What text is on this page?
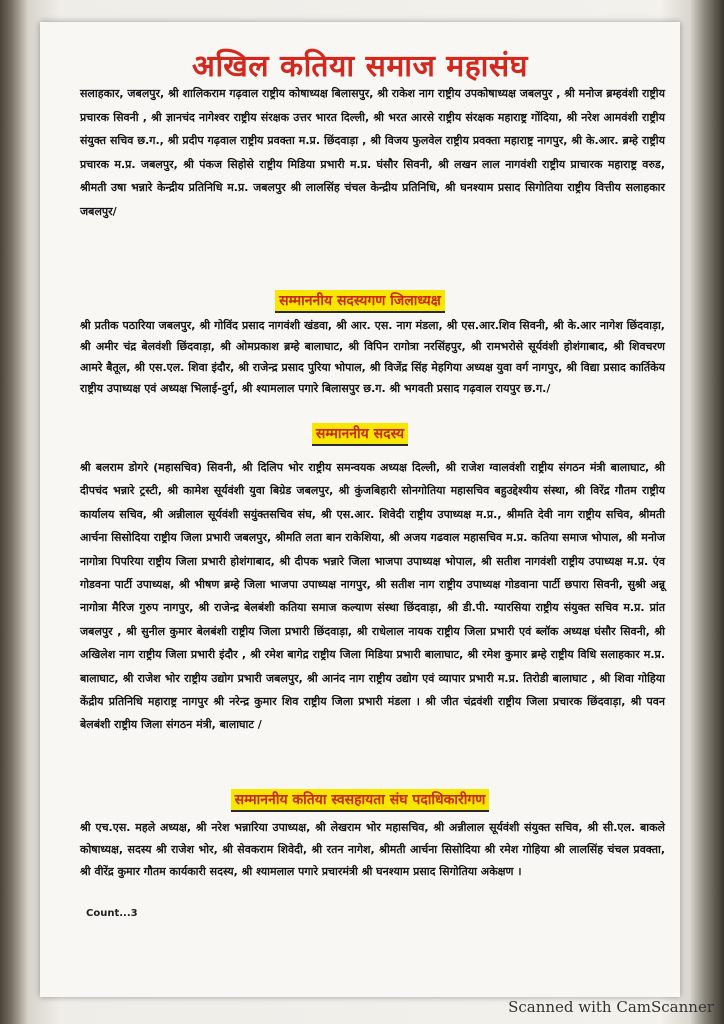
अखिल कतिया समाज महासंघ

सलाहकार, जबलपुर, श्री शालिकराम गढ़वाल राष्ट्रीय कोषाध्यक्ष बिलासपुर, श्री राकेश नाग राष्ट्रीय उपकोषाध्यक्ष जबलपुर , श्री मनोज ब्रम्हवंशी राष्ट्रीय प्रचारक सिवनी , श्री ज्ञानचंद नागेश्वर राष्ट्रीय संरक्षक उत्तर भारत दिल्ली, श्री भरत आरसे राष्ट्रीय संरक्षक महाराष्ट्र गोंदिया, श्री नरेश आमवंशी राष्ट्रीय संयुक्त सचिव छ.ग., श्री प्रदीप गढ़वाल राष्ट्रीय प्रवक्ता म.प्र. छिंदवाड़ा , श्री विजय फुलवेल राष्ट्रीय प्रवक्ता महाराष्ट्र नागपुर, श्री के.आर. ब्रम्हे राष्ट्रीय प्रचारक म.प्र. जबलपुर, श्री पंकज सिहोसे राष्ट्रीय मिडिया प्रभारी म.प्र. घंसौर सिवनी, श्री लखन लाल नागवंशी राष्ट्रीय प्राचारक महाराष्ट्र वरुड, श्रीमती उषा भन्नारे केन्द्रीय प्रतिनिधि म.प्र. जबलपुर श्री लालसिंह चंचल केन्द्रीय प्रतिनिधि, श्री घनश्याम प्रसाद सिगोतिया राष्ट्रीय वित्तीय सलाहकार जबलपुर/

सम्माननीय सदस्यगण जिलाध्यक्ष

श्री प्रतीक पठारिया जबलपुर, श्री गोविंद प्रसाद नागवंशी खंडवा, श्री आर. एस. नाग मंडला, श्री एस.आर.शिव सिवनी, श्री के.आर नागेश छिंदवाड़ा, श्री अमीर चंद्र बेलवंशी छिंदवाड़ा, श्री ओमप्रकाश ब्रम्हे बालाघाट, श्री विपिन रागोत्रा नरसिंहपुर, श्री रामभरोसे सूर्यवंशी होशंगाबाद, श्री शिवचरण आमरे बैतूल, श्री एस.एल. शिवा इंदौर, श्री राजेन्द्र प्रसाद पुरिया भोपाल, श्री विजेंद्र सिंह मेहगिया अध्यक्ष युवा वर्ग नागपुर, श्री विद्या प्रसाद कार्तिकेय राष्ट्रीय उपाध्यक्ष एवं अध्यक्ष भिलाई-दुर्ग, श्री श्यामलाल पगारे बिलासपुर छ.ग. श्री भगवती प्रसाद गढ़वाल रायपुर छ.ग./

सम्माननीय सदस्य

श्री बलराम डोगरे (महासचिव) सिवनी, श्री दिलिप भोर राष्ट्रीय समन्वयक अध्यक्ष दिल्ली, श्री राजेश ग्वालवंशी राष्ट्रीय संगठन मंत्री बालाघाट, श्री दीपचंद भन्नारे ट्रस्टी, श्री कामेश सूर्यवंशी युवा बिग्रेड जबलपुर, श्री कुंजबिहारी सोनगोतिया महासचिव बहुउद्देश्यीय संस्था, श्री विरेंद्र गौतम राष्ट्रीय कार्यालय सचिव, श्री अन्नीलाल सूर्यवंशी सयुंक्तसचिव संघ, श्री एस.आर. शिवेदी राष्ट्रीय उपाध्यक्ष म.प्र., श्रीमति देवी नाग राष्ट्रीय सचिव, श्रीमती आर्चना सिसोदिया राष्ट्रीय जिला प्रभारी जबलपुर, श्रीमति लता बान राकेशिया, श्री अजय गढवाल महासचिव म.प्र. कतिया समाज भोपाल, श्री मनोज नागोत्रा पिपरिया राष्ट्रीय जिला प्रभारी होशंगाबाद, श्री दीपक भन्नारे जिला भाजपा उपाध्यक्ष भोपाल, श्री सतीश नागवंशी राष्ट्रीय उपाध्यक्ष म.प्र. एंव गोडवना पार्टी उपाध्यक्ष, श्री भीषण ब्रम्हे जिला भाजपा उपाध्यक्ष नागपुर, श्री सतीश नाग राष्ट्रीय उपाध्यक्ष गोडवाना पार्टी छपारा सिवनी, सुश्री अन्नू नागोत्रा मैरिज गुरुप नागपुर, श्री राजेन्द्र बेलबंशी कतिया समाज कल्याण संस्था छिंदवाड़ा, श्री डी.पी. ग्यारसिया राष्ट्रीय संयुक्त सचिव म.प्र. प्रांत जबलपुर , श्री सुनील कुमार बेलबंशी राष्ट्रीय जिला प्रभारी छिंदवाड़ा, श्री राधेलाल नायक राष्ट्रीय जिला प्रभारी एवं ब्लॉक अध्यक्ष घंसौर सिवनी, श्री अखिलेश नाग राष्ट्रीय जिला प्रभारी इंदौर , श्री रमेश बागेद्र राष्ट्रीय जिला मिडिया प्रभारी बालाघाट, श्री रमेश कुमार ब्रम्हे राष्ट्रीय विधि सलाहकार म.प्र. बालाघाट, श्री राजेश भोर राष्ट्रीय उद्योग प्रभारी जबलपुर, श्री आनंद नाग राष्ट्रीय उद्योग एवं व्यापार प्रभारी म.प्र. तिरोडी बालाघाट , श्री शिवा गोहिया केंद्रीय प्रतिनिधि महाराष्ट्र नागपुर श्री नरेन्द्र कुमार शिव राष्ट्रीय जिला प्रभारी मंडला । श्री जीत चंद्रवंशी राष्ट्रीय जिला प्रचारक छिंदवाड़ा, श्री पवन बेलबंशी राष्ट्रीय जिला संगठन मंत्री, बालाघाट /

सम्माननीय कतिया स्वसहायता संघ पदाधिकारीगण

श्री एच.एस. महले अध्यक्ष, श्री नरेश भन्नारिया उपाध्यक्ष, श्री लेखराम भोर महासचिव, श्री अन्नीलाल सूर्यवंशी संयुक्त सचिव, श्री सी.एल. बाकले कोषाध्यक्ष, सदस्य श्री राजेश भोर, श्री सेवकराम शिवेदी, श्री रतन नागेश, श्रीमती आर्चना सिसोदिया श्री रमेश गोहिया श्री लालसिंह चंचल प्रवक्ता, श्री वीरेंद्र कुमार गौतम कार्यकारी सदस्य, श्री श्यामलाल पगारे प्रचारमंत्री श्री घनश्याम प्रसाद सिगोतिया अकेक्षण ।

Count...3
Scanned with CamScanner
